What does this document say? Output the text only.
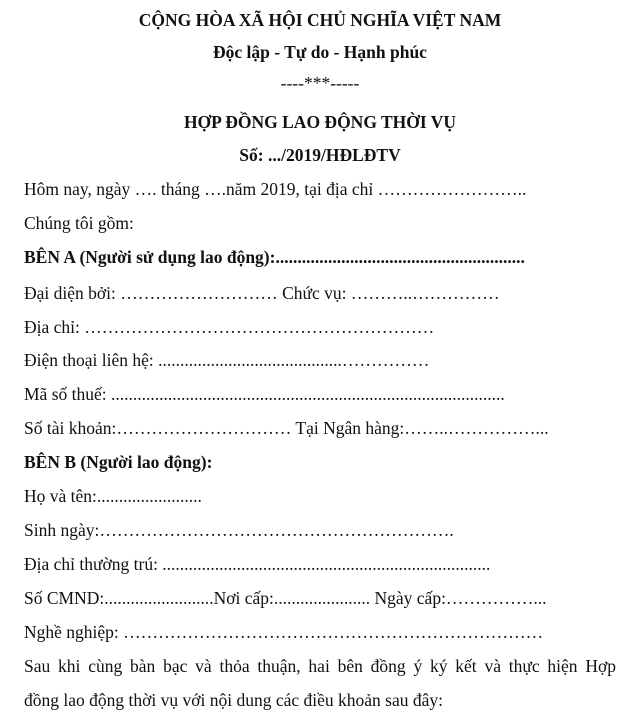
CỘNG HÒA XÃ HỘI CHỦ NGHĨA VIỆT NAM
Độc lập - Tự do - Hạnh phúc
----***-----
HỢP ĐỒNG LAO ĐỘNG THỜI VỤ
Số: .../2019/HĐLĐTV
Hôm nay, ngày …. tháng ….năm 2019, tại địa chỉ ……………………..
Chúng tôi gồm:
BÊN A (Người sử dụng lao động):.........................................................
Đại diện bởi: ……………………… Chức vụ: ………..……………
Địa chỉ: ……………………………………………………
Điện thoại liên hệ: ..........................................……………
Mã số thuế: ..........................................................................................
Số tài khoản:………………………… Tại Ngân hàng:……..……………...
BÊN B (Người lao động):
Họ và tên:........................
Sinh ngày:…………………………………………………….
Địa chỉ thường trú: ...........................................................................
Số CMND:.........................Nơi cấp:...................... Ngày cấp:……………...
Nghề nghiệp: ………………………………………………………………
Sau khi cùng bàn bạc và thỏa thuận, hai bên đồng ý ký kết và thực hiện Hợp
đồng lao động thời vụ với nội dung các điều khoản sau đây:
